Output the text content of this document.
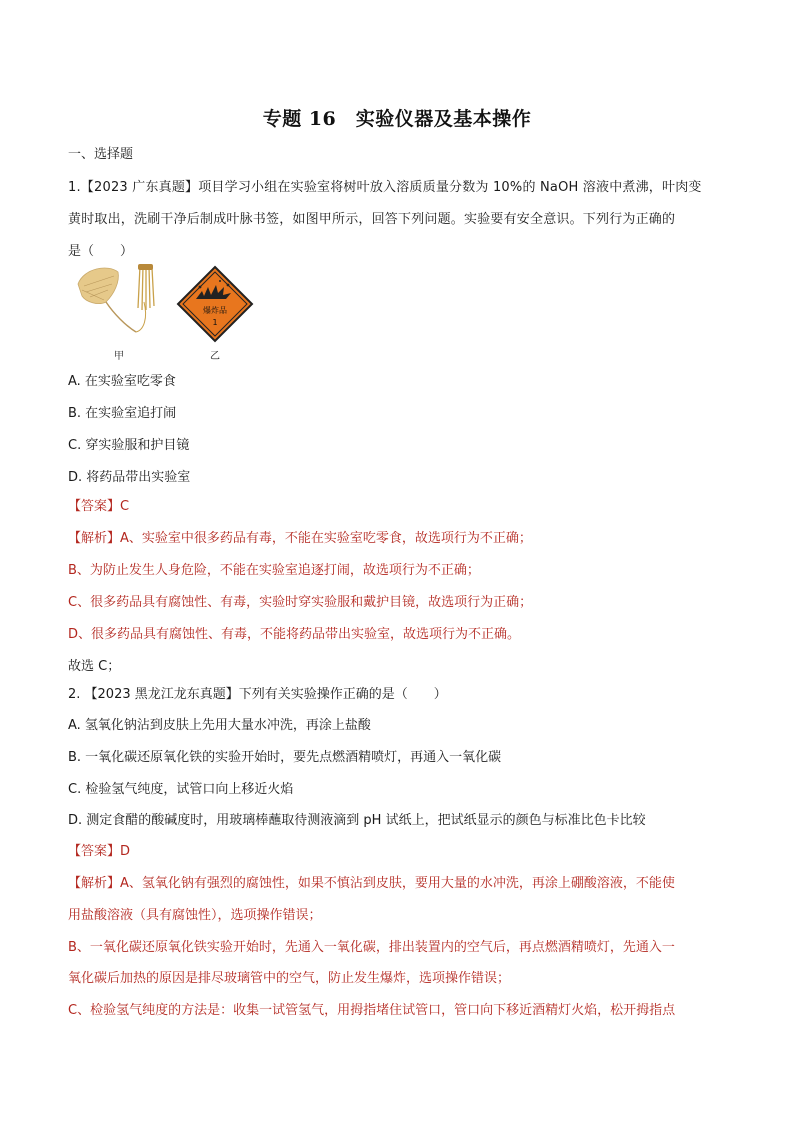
专题 16　实验仪器及基本操作
一、选择题
1.【2023 广东真题】项目学习小组在实验室将树叶放入溶质质量分数为 10%的 NaOH 溶液中煮沸，叶肉变
黄时取出，洗刷干净后制成叶脉书签，如图甲所示，回答下列问题。实验要有安全意识。下列行为正确的
是（　　）
爆炸品
1
甲	乙
A. 在实验室吃零食
B. 在实验室追打闹
C. 穿实验服和护目镜
D. 将药品带出实验室
【答案】C
【解析】A、实验室中很多药品有毒，不能在实验室吃零食，故选项行为不正确；
B、为防止发生人身危险，不能在实验室追逐打闹，故选项行为不正确；
C、很多药品具有腐蚀性、有毒，实验时穿实验服和戴护目镜，故选项行为正确；
D、很多药品具有腐蚀性、有毒，不能将药品带出实验室，故选项行为不正确。
故选 C；
2. 【2023 黑龙江龙东真题】下列有关实验操作正确的是（　　）
A. 氢氧化钠沾到皮肤上先用大量水冲洗，再涂上盐酸
B. 一氧化碳还原氧化铁的实验开始时，要先点燃酒精喷灯，再通入一氧化碳
C. 检验氢气纯度，试管口向上移近火焰
D. 测定食醋的酸碱度时，用玻璃棒蘸取待测液滴到 pH 试纸上，把试纸显示的颜色与标准比色卡比较
【答案】D
【解析】A、氢氧化钠有强烈的腐蚀性，如果不慎沾到皮肤，要用大量的水冲洗，再涂上硼酸溶液，不能使
用盐酸溶液（具有腐蚀性），选项操作错误；
B、一氧化碳还原氧化铁实验开始时，先通入一氧化碳，排出装置内的空气后，再点燃酒精喷灯，先通入一
氧化碳后加热的原因是排尽玻璃管中的空气，防止发生爆炸，选项操作错误；
C、检验氢气纯度的方法是：收集一试管氢气，用拇指堵住试管口，管口向下移近酒精灯火焰，松开拇指点
